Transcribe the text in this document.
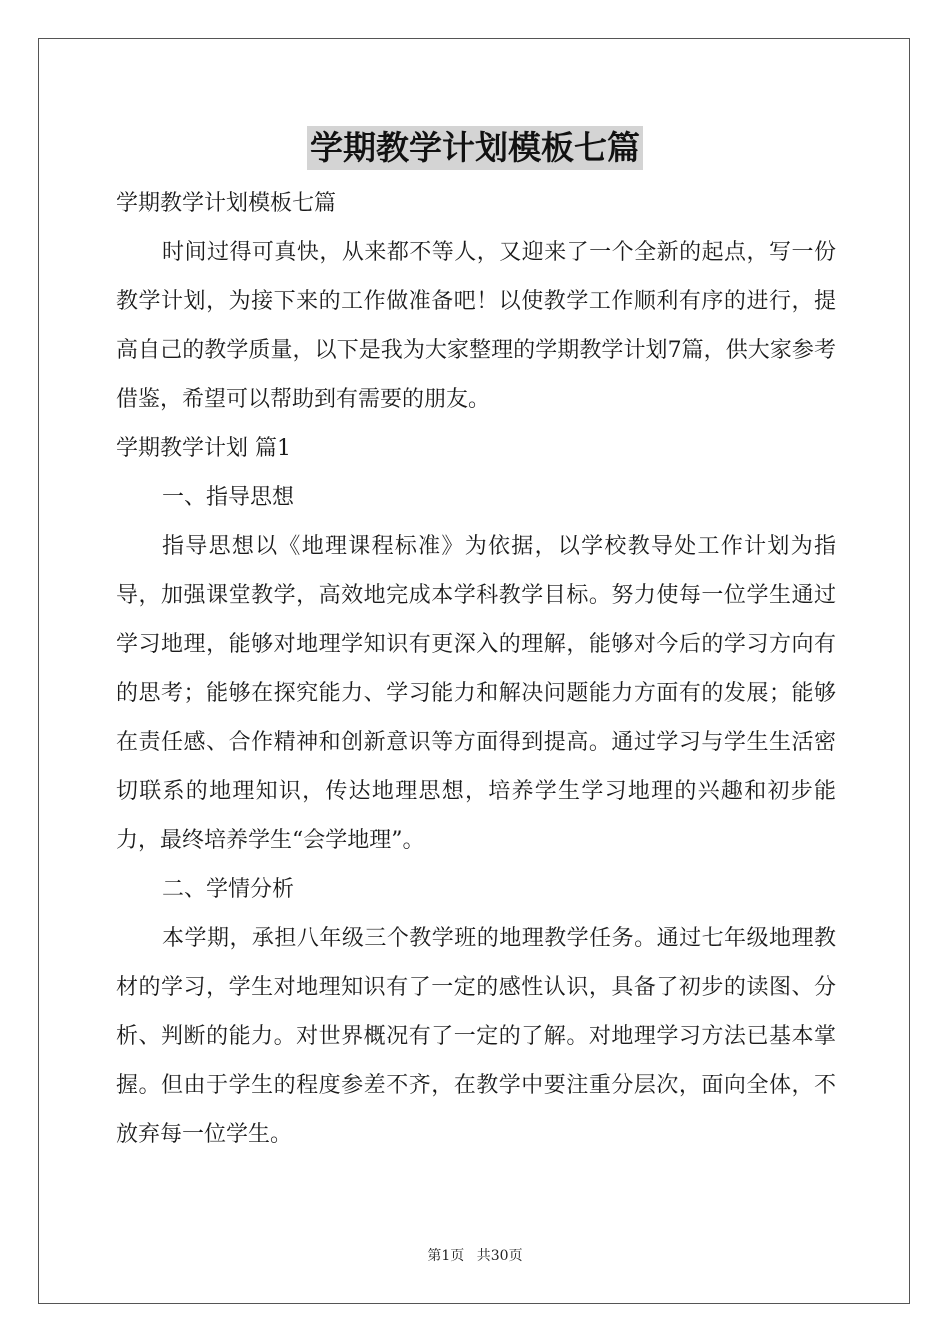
学期教学计划模板七篇

学期教学计划模板七篇

时间过得可真快，从来都不等人，又迎来了一个全新的起点，写一份教学计划，为接下来的工作做准备吧！以使教学工作顺利有序的进行，提高自己的教学质量，以下是我为大家整理的学期教学计划7篇，供大家参考借鉴，希望可以帮助到有需要的朋友。

学期教学计划 篇1

一、指导思想

指导思想以《地理课程标准》为依据，以学校教导处工作计划为指导，加强课堂教学，高效地完成本学科教学目标。努力使每一位学生通过学习地理，能够对地理学知识有更深入的理解，能够对今后的学习方向有的思考；能够在探究能力、学习能力和解决问题能力方面有的发展；能够在责任感、合作精神和创新意识等方面得到提高。通过学习与学生生活密切联系的地理知识，传达地理思想，培养学生学习地理的兴趣和初步能力，最终培养学生“会学地理”。

二、学情分析

本学期，承担八年级三个教学班的地理教学任务。通过七年级地理教材的学习，学生对地理知识有了一定的感性认识，具备了初步的读图、分析、判断的能力。对世界概况有了一定的了解。对地理学习方法已基本掌握。但由于学生的程度参差不齐，在教学中要注重分层次，面向全体，不放弃每一位学生。

第1页 共30页
